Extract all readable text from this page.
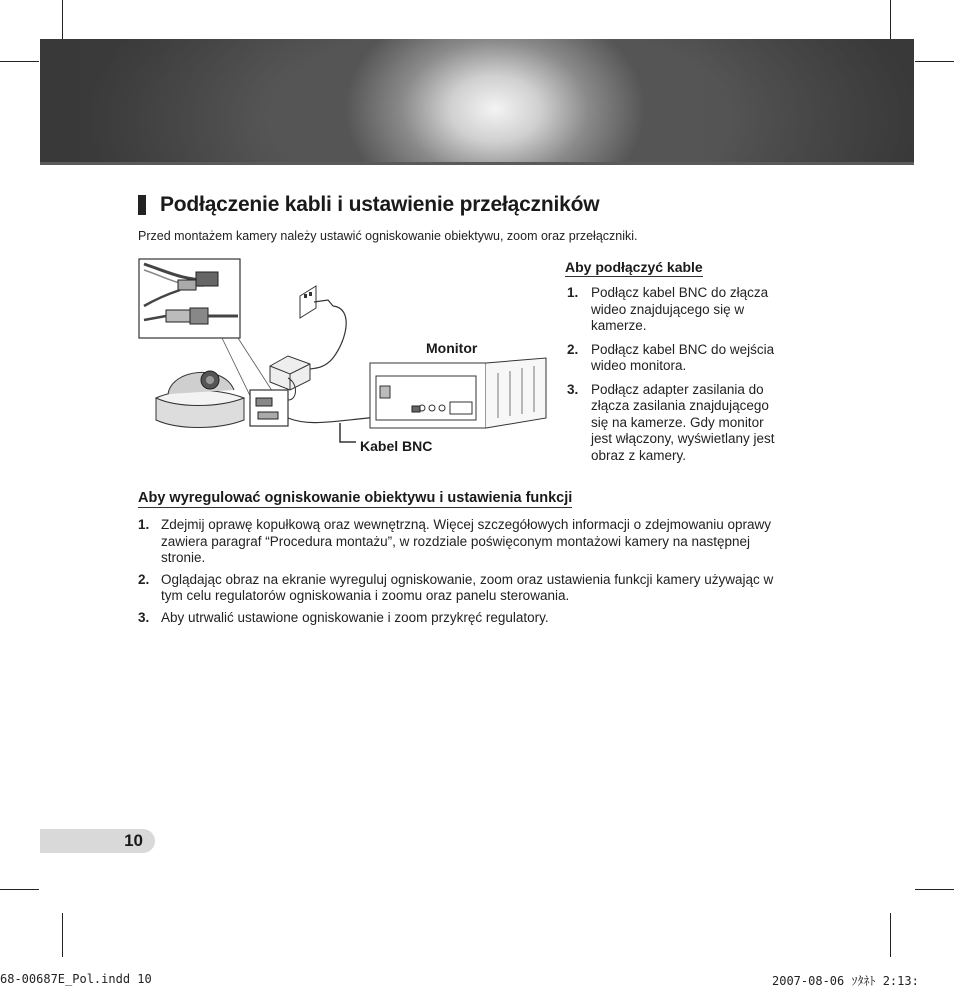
Podłączenie kabli i ustawienie przełączników
Przed montażem kamery należy ustawić ogniskowanie obiektywu, zoom oraz przełączniki.
Kabel BNC
Monitor
Aby podłączyć kable
1. Podłącz kabel BNC do złącza wideo znajdującego się w kamerze.
2. Podłącz kabel BNC do wejścia wideo monitora.
3. Podłącz adapter zasilania do złącza zasilania znajdującego się na kamerze. Gdy monitor jest włączony, wyświetlany jest obraz z kamery.
Aby wyregulować ogniskowanie obiektywu i ustawienia funkcji
1. Zdejmij oprawę kopułkową oraz wewnętrzną. Więcej szczegółowych informacji o zdejmowaniu oprawy zawiera paragraf “Procedura montażu”, w rozdziale poświęconym montażowi kamery na następnej stronie.
2. Oglądając obraz na ekranie wyreguluj ogniskowanie, zoom oraz ustawienia funkcji kamery używając w tym celu regulatorów ogniskowania i zoomu oraz panelu sterowania.
3. Aby utrwalić ustawione ogniskowanie i zoom przykręć regulatory.
10
68-00687E_Pol.indd 10	2007-08-06 ｿﾀﾈﾄ 2:13:
